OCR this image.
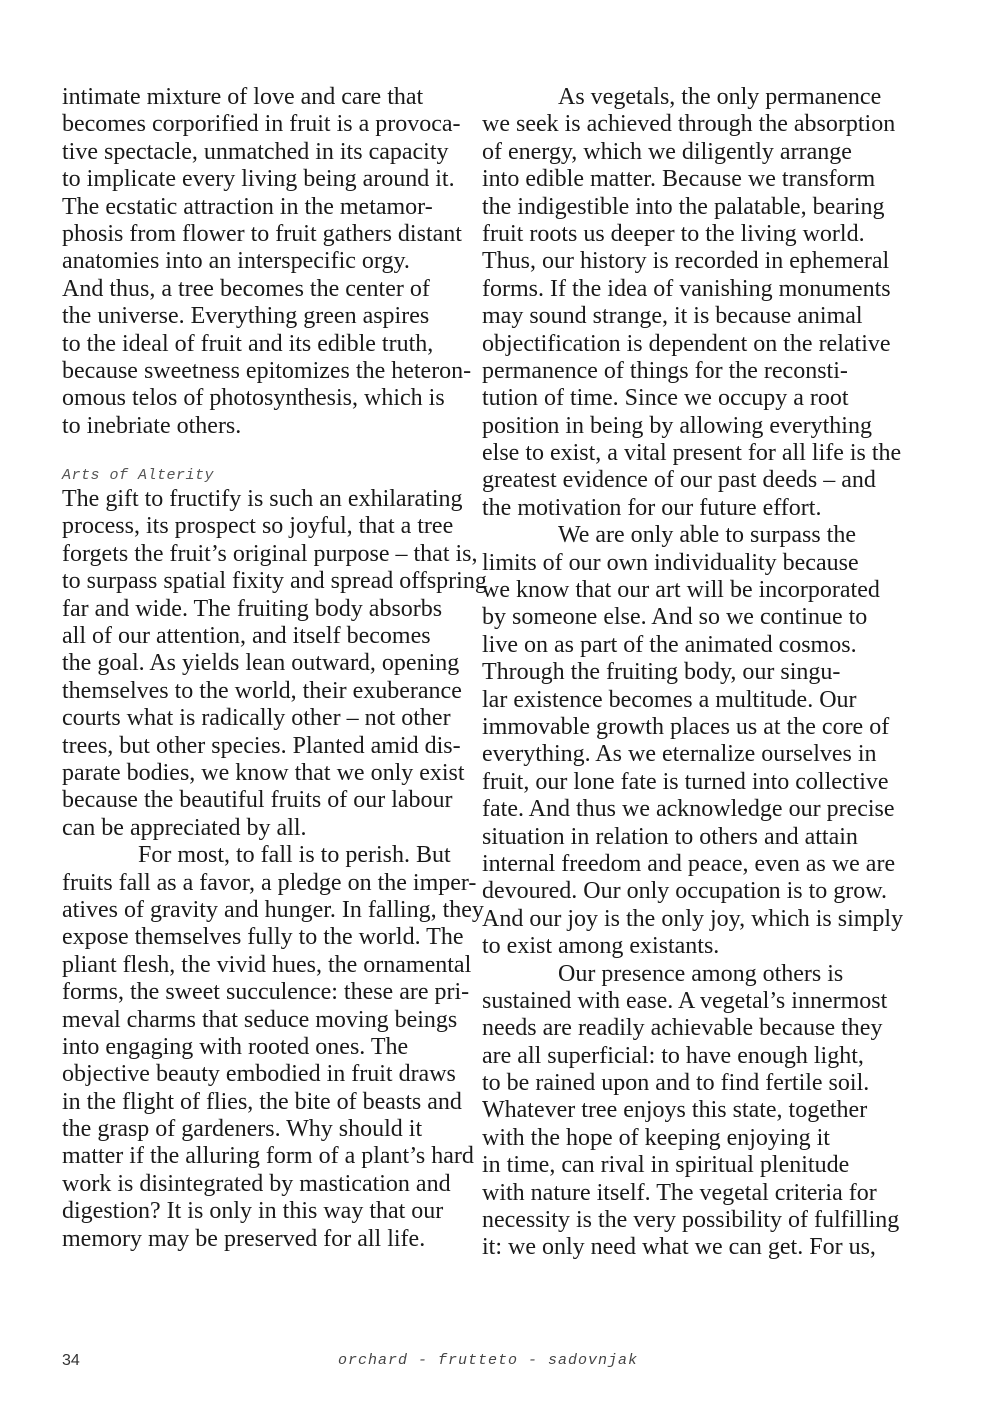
intimate mixture of love and care that
becomes corporified in fruit is a provoca-
tive spectacle, unmatched in its capacity
to implicate every living being around it.
The ecstatic attraction in the metamor-
phosis from flower to fruit gathers distant
anatomies into an interspecific orgy.
And thus, a tree becomes the center of
the universe. Everything green aspires
to the ideal of fruit and its edible truth,
because sweetness epitomizes the heteron-
omous telos of photosynthesis, which is
to inebriate others.
Arts of Alterity
The gift to fructify is such an exhilarating
process, its prospect so joyful, that a tree
forgets the fruit’s original purpose – that is,
to surpass spatial fixity and spread offspring
far and wide. The fruiting body absorbs
all of our attention, and itself becomes
the goal. As yields lean outward, opening
themselves to the world, their exuberance
courts what is radically other – not other
trees, but other species. Planted amid dis-
parate bodies, we know that we only exist
because the beautiful fruits of our labour
can be appreciated by all.
For most, to fall is to perish. But
fruits fall as a favor, a pledge on the imper-
atives of gravity and hunger. In falling, they
expose themselves fully to the world. The
pliant flesh, the vivid hues, the ornamental
forms, the sweet succulence: these are pri-
meval charms that seduce moving beings
into engaging with rooted ones. The
objective beauty embodied in fruit draws
in the flight of flies, the bite of beasts and
the grasp of gardeners. Why should it
matter if the alluring form of a plant’s hard
work is disintegrated by mastication and
digestion? It is only in this way that our
memory may be preserved for all life.
As vegetals, the only permanence
we seek is achieved through the absorption
of energy, which we diligently arrange
into edible matter. Because we transform
the indigestible into the palatable, bearing
fruit roots us deeper to the living world.
Thus, our history is recorded in ephemeral
forms. If the idea of vanishing monuments
may sound strange, it is because animal
objectification is dependent on the relative
permanence of things for the reconsti-
tution of time. Since we occupy a root
position in being by allowing everything
else to exist, a vital present for all life is the
greatest evidence of our past deeds – and
the motivation for our future effort.
We are only able to surpass the
limits of our own individuality because
we know that our art will be incorporated
by someone else. And so we continue to
live on as part of the animated cosmos.
Through the fruiting body, our singu-
lar existence becomes a multitude. Our
immovable growth places us at the core of
everything. As we eternalize ourselves in
fruit, our lone fate is turned into collective
fate. And thus we acknowledge our precise
situation in relation to others and attain
internal freedom and peace, even as we are
devoured. Our only occupation is to grow.
And our joy is the only joy, which is simply
to exist among existants.
Our presence among others is
sustained with ease. A vegetal’s innermost
needs are readily achievable because they
are all superficial: to have enough light,
to be rained upon and to find fertile soil.
Whatever tree enjoys this state, together
with the hope of keeping enjoying it
in time, can rival in spiritual plenitude
with nature itself. The vegetal criteria for
necessity is the very possibility of fulfilling
it: we only need what we can get. For us,
34	orchard - frutteto - sadovnjak
